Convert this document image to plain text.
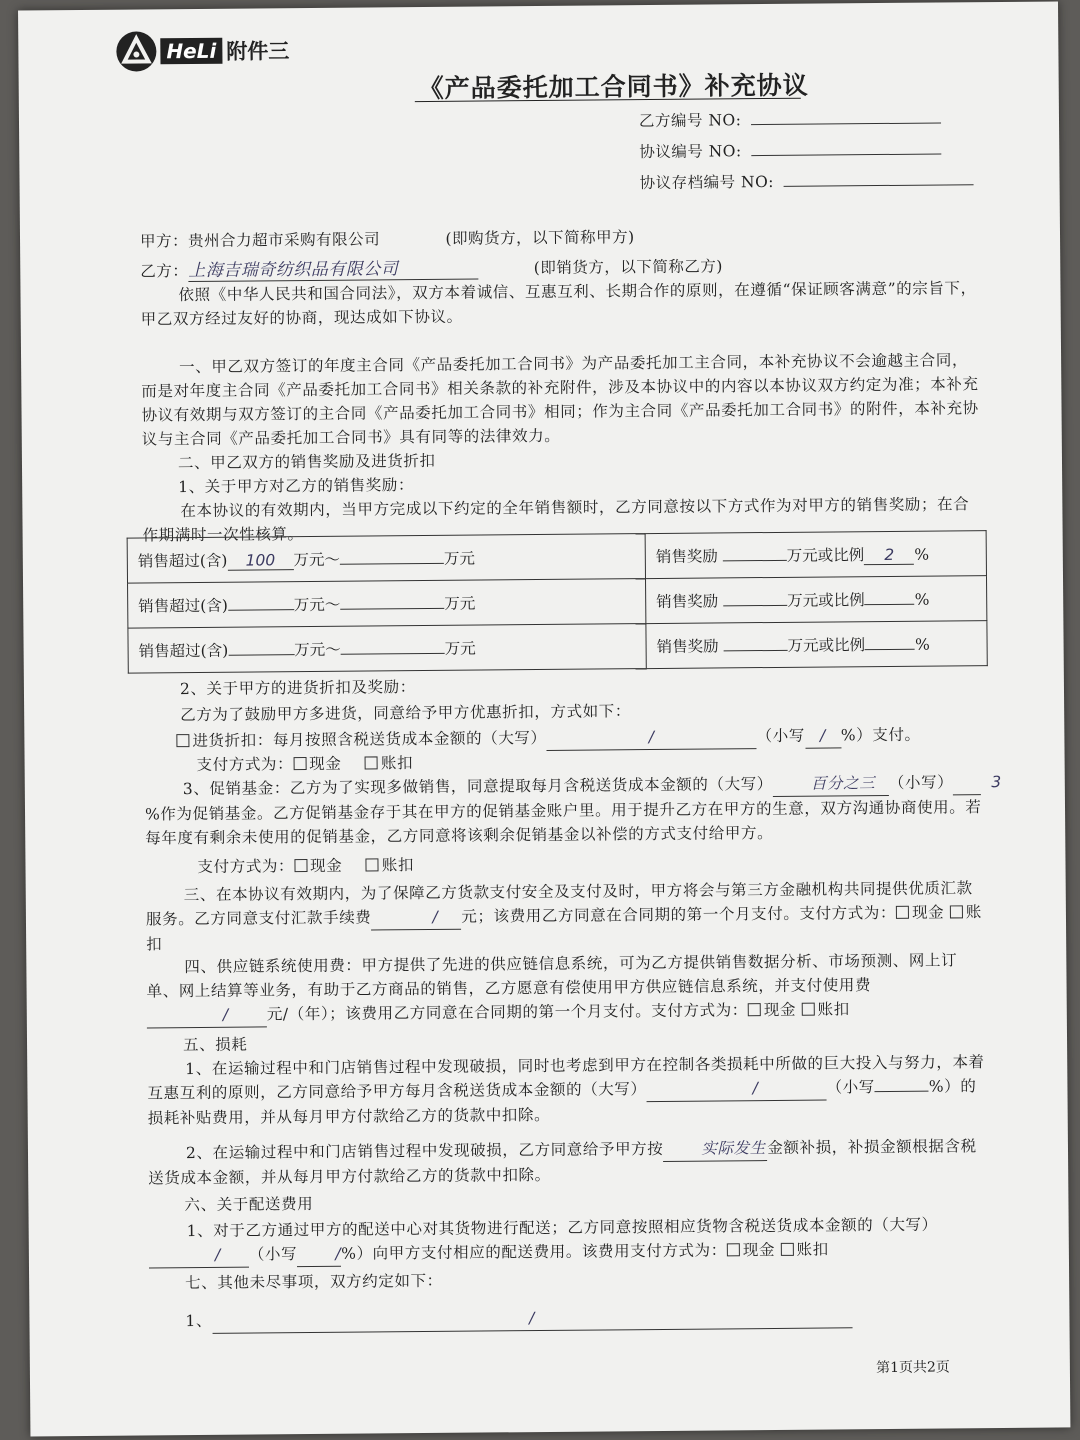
HeLi 附件三
《产品委托加工合同书》补充协议
乙方编号 NO:
协议编号 NO:
协议存档编号 NO:
甲方：贵州合力超市采购有限公司	(即购货方，以下简称甲方)
乙方：上海吉瑞奇纺织品有限公司	(即销货方，以下简称乙方)
依照《中华人民共和国合同法》，双方本着诚信、互惠互利、长期合作的原则，在遵循“保证顾客满意”的宗旨下，甲乙双方经过友好的协商，现达成如下协议。
一、甲乙双方签订的年度主合同《产品委托加工合同书》为产品委托加工主合同，本补充协议不会逾越主合同，而是对年度主合同《产品委托加工合同书》相关条款的补充附件，涉及本协议中的内容以本协议双方约定为准；本补充协议有效期与双方签订的主合同《产品委托加工合同书》相同；作为主合同《产品委托加工合同书》的附件，本补充协议与主合同《产品委托加工合同书》具有同等的法律效力。
二、甲乙双方的销售奖励及进货折扣
1、关于甲方对乙方的销售奖励：
在本协议的有效期内，当甲方完成以下约定的全年销售额时，乙方同意按以下方式作为对甲方的销售奖励；在合作期满时一次性核算。
销售超过(含) 100 万元～ 万元	销售奖励 万元或比例 2 %
销售超过(含) 万元～ 万元	销售奖励 万元或比例 %
销售超过(含) 万元～ 万元	销售奖励 万元或比例 %
2、关于甲方的进货折扣及奖励：
乙方为了鼓励甲方多进货，同意给予甲方优惠折扣，方式如下：
进货折扣：每月按照含税送货成本金额的（大写）	/	（小写 / %）支付。
支付方式为： 现金	账扣
3、促销基金：乙方为了实现多做销售，同意提取每月含税送货成本金额的（大写） 百分之三 （小写） 3%作为促销基金。乙方促销基金存于其在甲方的促销基金账户里。用于提升乙方在甲方的生意，双方沟通协商使用。若每年度有剩余未使用的促销基金，乙方同意将该剩余促销基金以补偿的方式支付给甲方。
支付方式为： 现金	账扣
三、在本协议有效期内，为了保障乙方货款支付安全及支付及时，甲方将会与第三方金融机构共同提供优质汇款服务。乙方同意支付汇款手续费	/ 元；该费用乙方同意在合同期的第一个月支付。支付方式为： 现金 账扣
四、供应链系统使用费：甲方提供了先进的供应链信息系统，可为乙方提供销售数据分析、市场预测、网上订单、网上结算等业务，有助于乙方商品的销售，乙方愿意有偿使用甲方供应链信息系统，并支付使用费/ 元/（年）；该费用乙方同意在合同期的第一个月支付。支付方式为： 现金 账扣
五、损耗
1、在运输过程中和门店销售过程中发现破损，同时也考虑到甲方在控制各类损耗中所做的巨大投入与努力，本着互惠互利的原则，乙方同意给予甲方每月含税送货成本金额的（大写）	/	（小写	%）的损耗补贴费用，并从每月甲方付款给乙方的货款中扣除。
2、在运输过程中和门店销售过程中发现破损，乙方同意给予甲方按 实际发生金额补损，补损金额根据含税送货成本金额，并从每月甲方付款给乙方的货款中扣除。
六、关于配送费用
1、对于乙方通过甲方的配送中心对其货物进行配送；乙方同意按照相应货物含税送货成本金额的（大写）/ （小写 /%）向甲方支付相应的配送费用。该费用支付方式为： 现金 账扣
七、其他未尽事项，双方约定如下：
1、	/
第1页共2页
